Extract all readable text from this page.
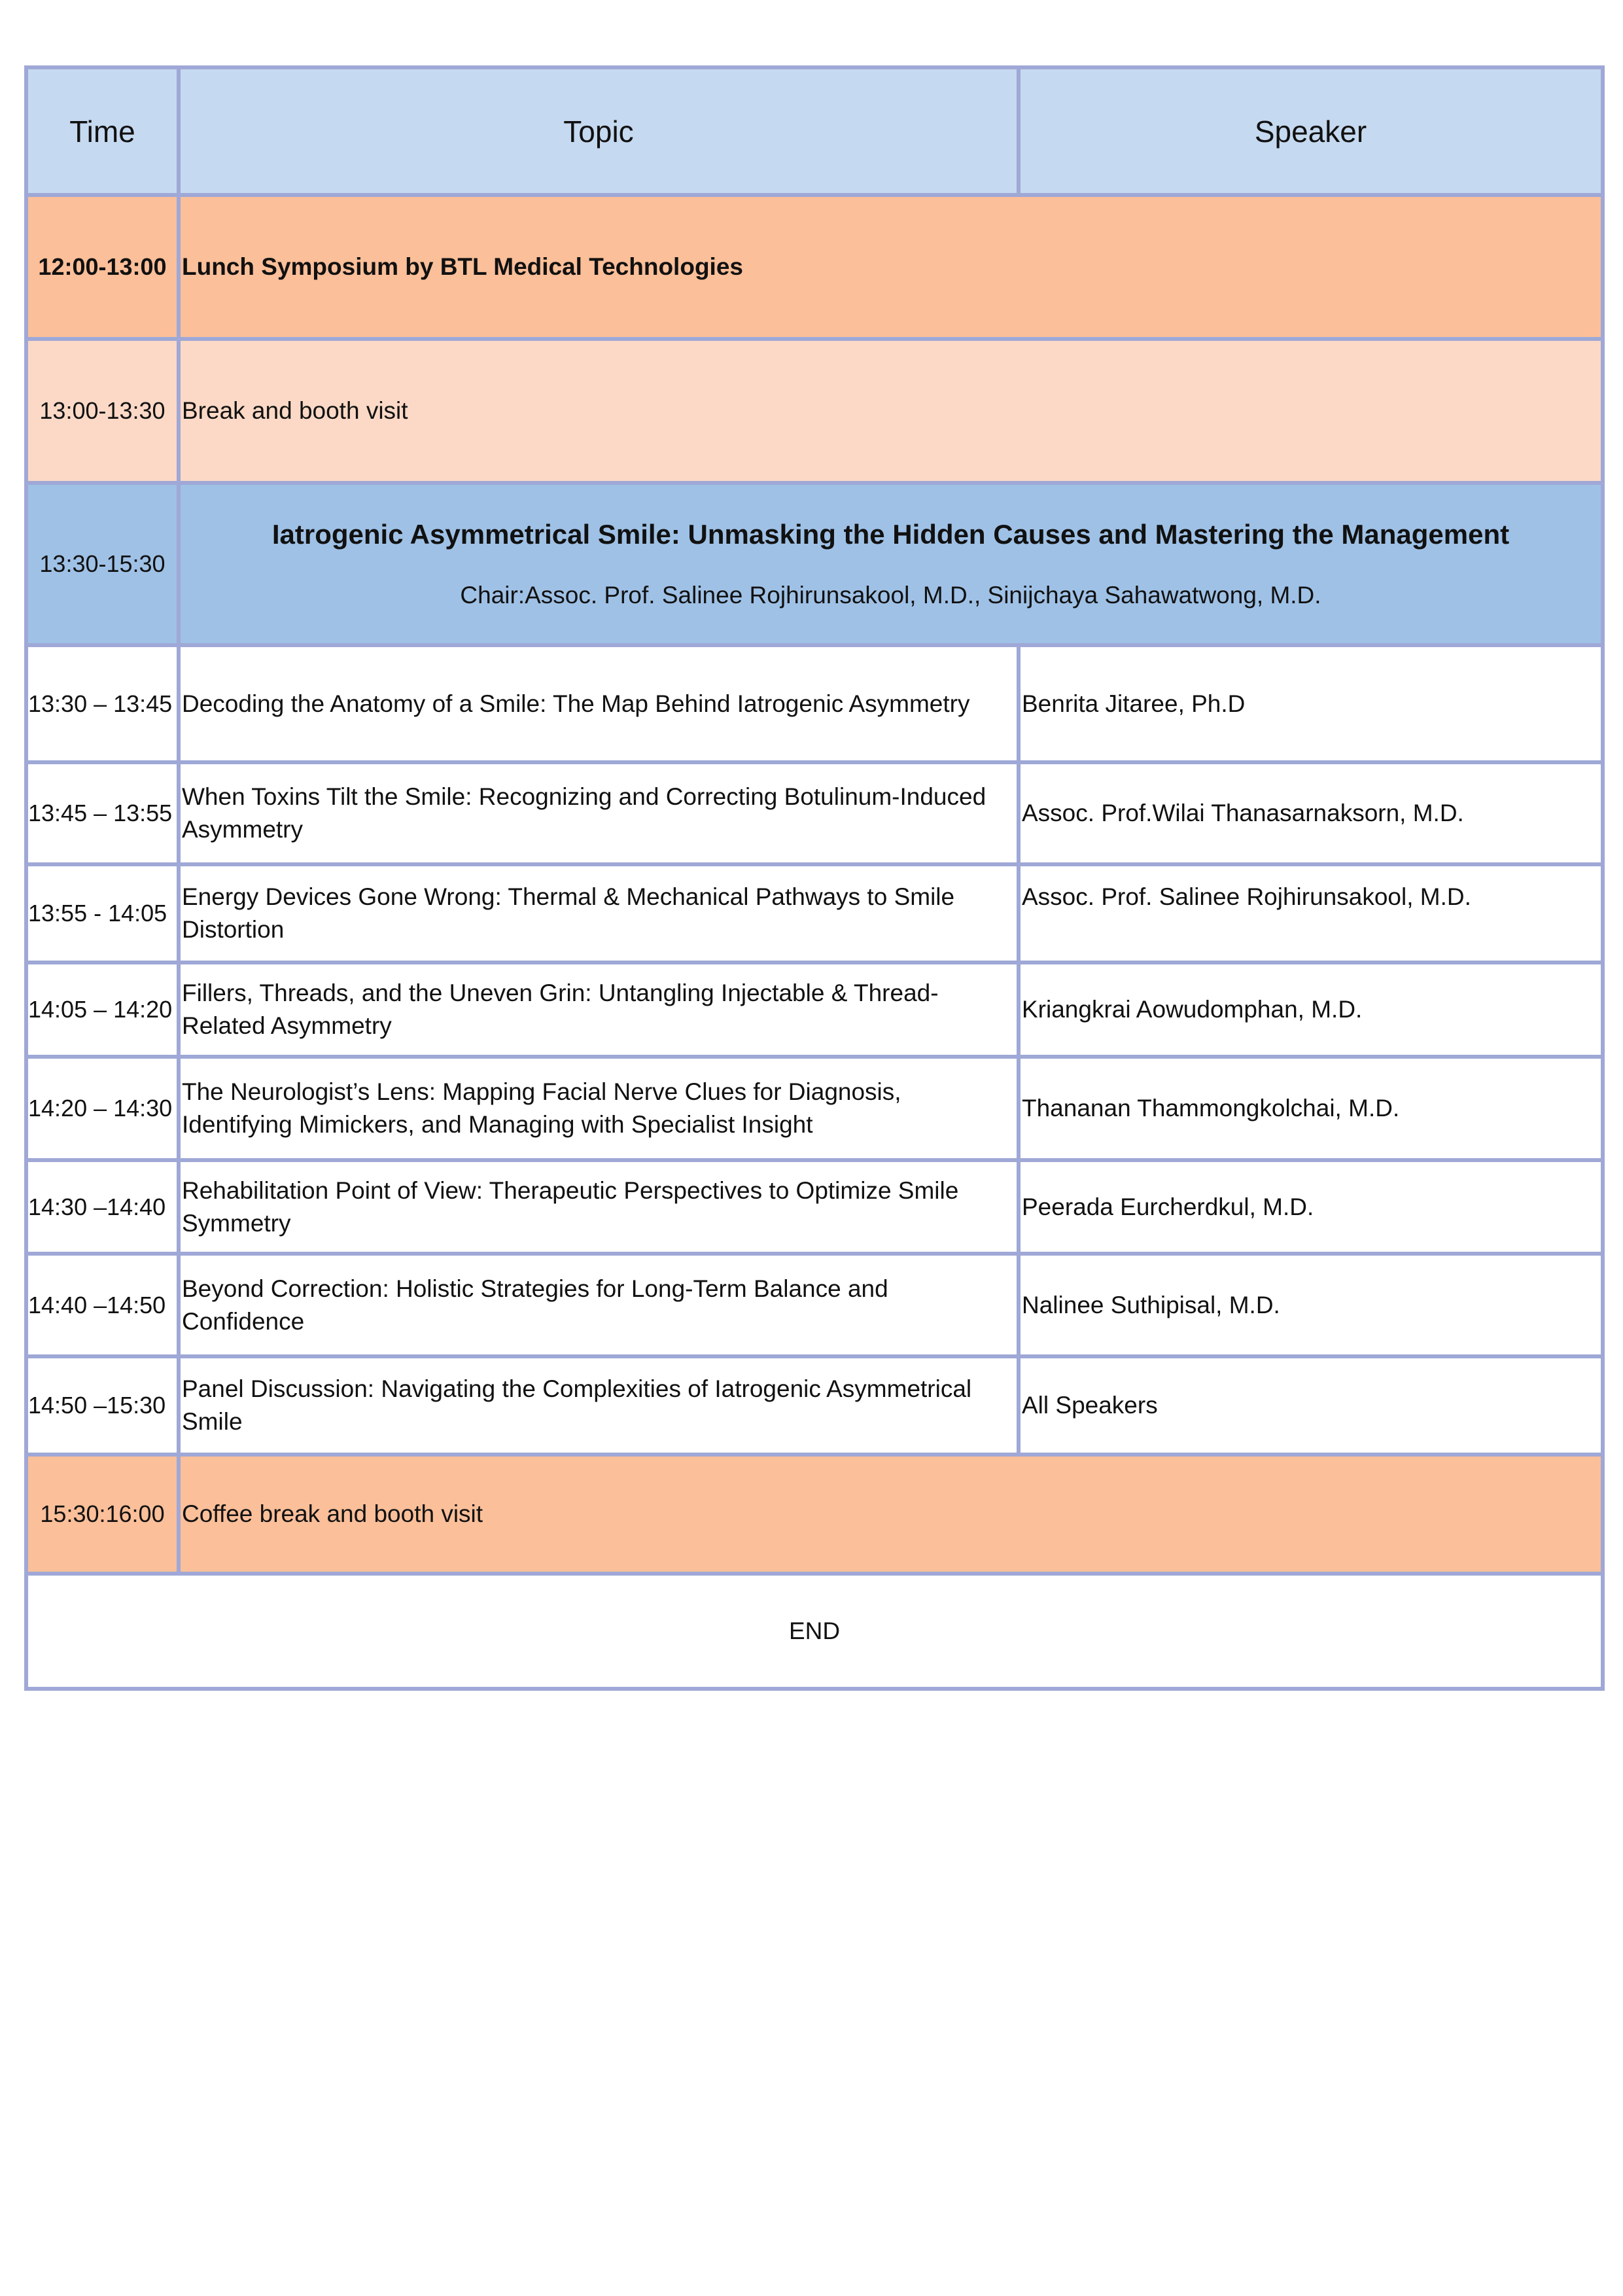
Time	Topic	Speaker
12:00-13:00	Lunch Symposium by BTL Medical Technologies	
13:00-13:30	Break and booth visit	
13:30-15:30	Iatrogenic Asymmetrical Smile: Unmasking the Hidden Causes and Mastering the Management
Chair:Assoc. Prof. Salinee Rojhirunsakool, M.D., Sinijchaya Sahawatwong, M.D.	

13:30 – 13:45	Decoding the Anatomy of a Smile: The Map Behind Iatrogenic Asymmetry	Benrita Jitaree, Ph.D
13:45 – 13:55	When Toxins Tilt the Smile: Recognizing and Correcting Botulinum-Induced Asymmetry	Assoc. Prof.Wilai Thanasarnaksorn, M.D.
13:55 - 14:05	Energy Devices Gone Wrong: Thermal & Mechanical Pathways to Smile Distortion	Assoc. Prof. Salinee Rojhirunsakool, M.D.
14:05 – 14:20	Fillers, Threads, and the Uneven Grin: Untangling Injectable & Thread-Related Asymmetry	Kriangkrai Aowudomphan, M.D.
14:20 – 14:30	The Neurologist’s Lens: Mapping Facial Nerve Clues for Diagnosis, Identifying Mimickers, and Managing with Specialist Insight	Thananan Thammongkolchai, M.D.
14:30 –14:40	Rehabilitation Point of View: Therapeutic Perspectives to Optimize Smile Symmetry	Peerada Eurcherdkul, M.D.
14:40 –14:50	Beyond Correction: Holistic Strategies for Long-Term Balance and Confidence	Nalinee Suthipisal, M.D.
14:50 –15:30	Panel Discussion: Navigating the Complexities of Iatrogenic Asymmetrical Smile	All Speakers
15:30:16:00	Coffee break and booth visit	
END		
